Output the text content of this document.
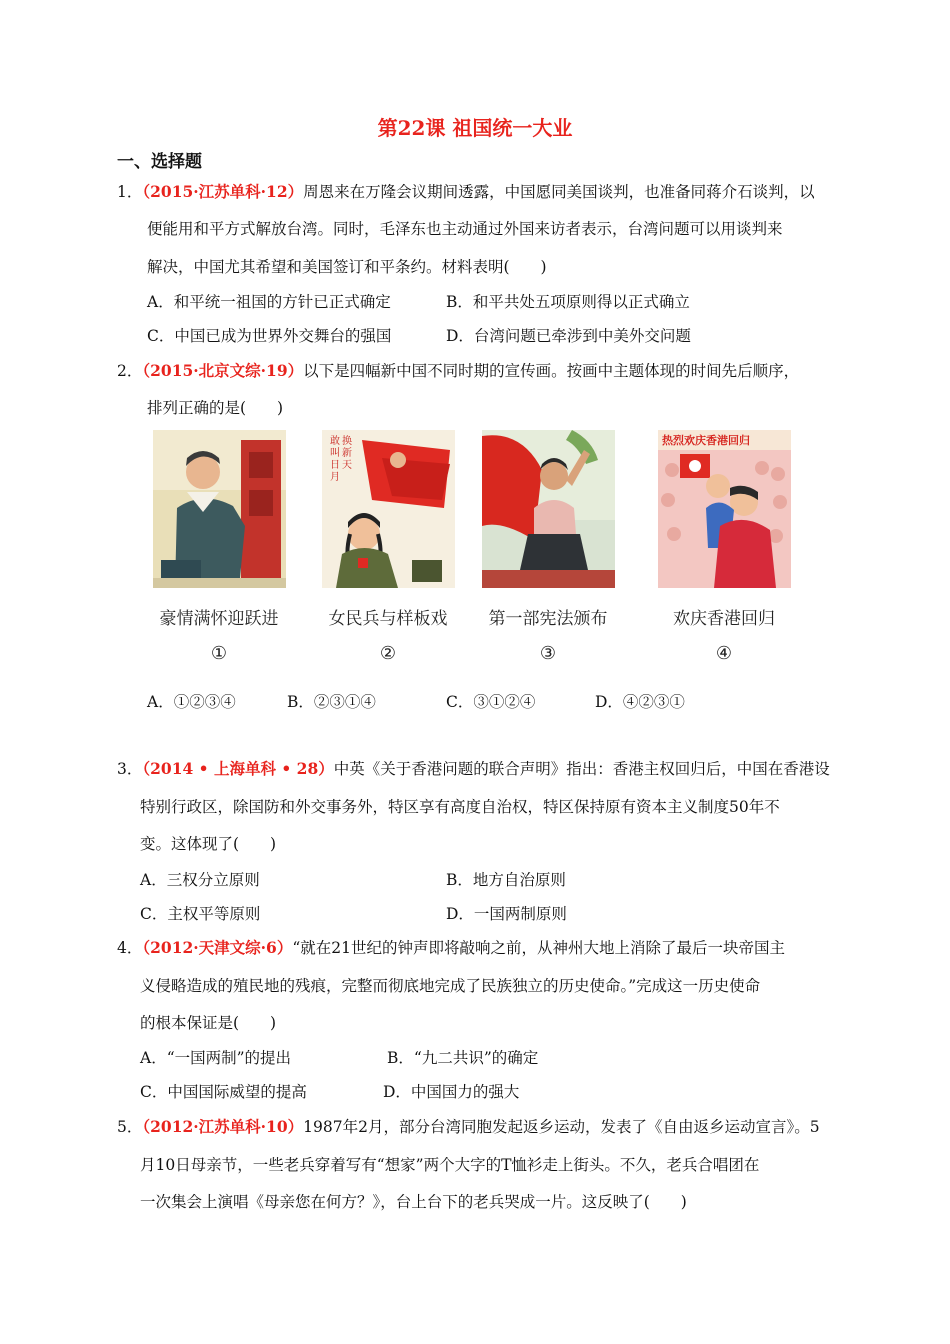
第22课 祖国统一大业
一、选择题
1．（2015·江苏单科·12）周恩来在万隆会议期间透露，中国愿同美国谈判，也准备同蒋介石谈判，以
便能用和平方式解放台湾。同时，毛泽东也主动通过外国来访者表示，台湾问题可以用谈判来
解决，中国尤其希望和美国签订和平条约。材料表明(　　)
A．和平统一祖国的方针已正式确定	B．和平共处五项原则得以正式确立
C．中国已成为世界外交舞台的强国	D．台湾问题已牵涉到中美外交问题
2．（2015·北京文综·19）以下是四幅新中国不同时期的宣传画。按画中主题体现的时间先后顺序，
排列正确的是(　　)
豪情满怀迎跃进
①
敢叫日月换新天
女民兵与样板戏
②
第一部宪法颁布
③
热烈欢庆香港回归
欢庆香港回归
④
A．①②③④	B．②③①④	C．③①②④	D．④②③①
3．（2014 • 上海单科 • 28）中英《关于香港问题的联合声明》指出：香港主权回归后，中国在香港设
特别行政区，除国防和外交事务外，特区享有高度自治权，特区保持原有资本主义制度50年不
变。这体现了(　　)
A．三权分立原则	B．地方自治原则
C．主权平等原则	D．一国两制原则
4．（2012·天津文综·6）“就在21世纪的钟声即将敲响之前，从神州大地上消除了最后一块帝国主
义侵略造成的殖民地的残痕，完整而彻底地完成了民族独立的历史使命。”完成这一历史使命
的根本保证是(　　)
A．“一国两制”的提出	B．“九二共识”的确定
C．中国国际威望的提高	D．中国国力的强大
5．（2012·江苏单科·10）1987年2月，部分台湾同胞发起返乡运动，发表了《自由返乡运动宣言》。5
月10日母亲节，一些老兵穿着写有“想家”两个大字的T恤衫走上街头。不久，老兵合唱团在
一次集会上演唱《母亲您在何方？》，台上台下的老兵哭成一片。这反映了(　　)
